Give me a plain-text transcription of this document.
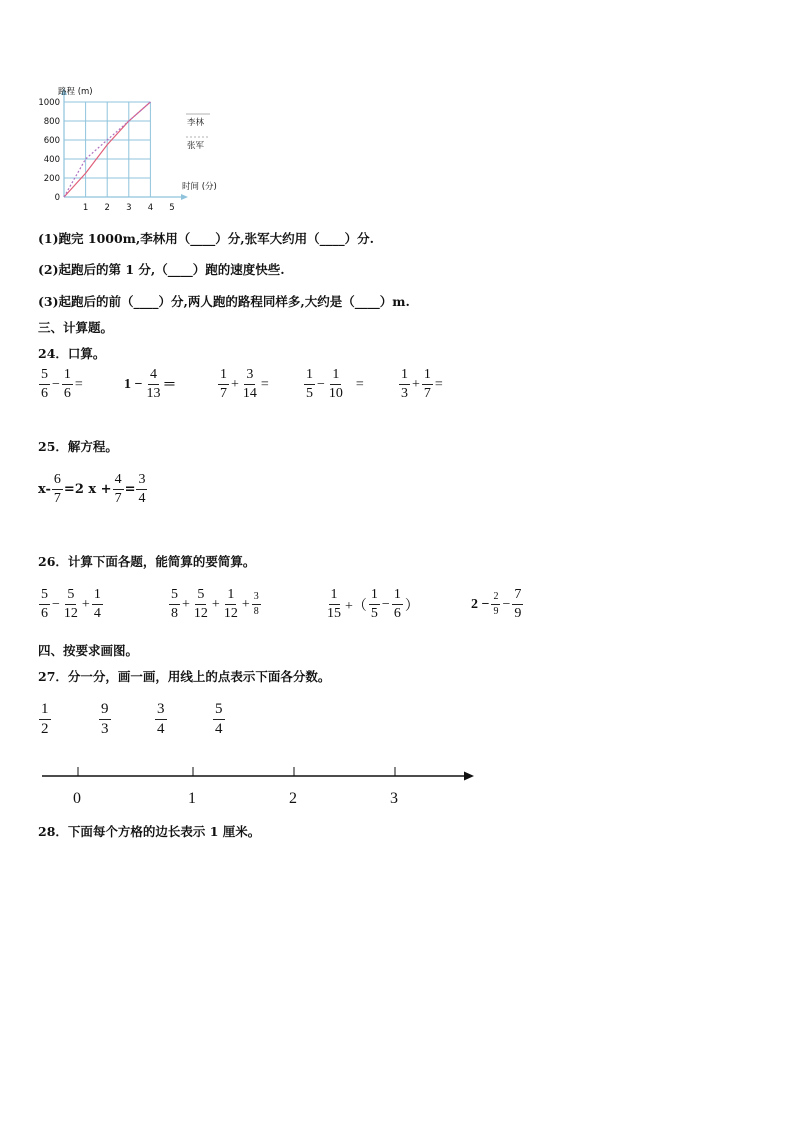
1 2 3 4 5
0
200
400
600
800
1000
路程 (m)
时间 (分)
李林
张军
(1)跑完 1000m,李林用（____）分,张军大约用（____）分.
(2)起跑后的第 1 分,（____）跑的速度快些.
(3)起跑后的前（____）分,两人跑的路程同样多,大约是（____）m.
三、计算题。
24．口算。
5
6
− $\frac{1}{6}$ =	$1 - \frac{4}{13}$ ═
1
7
+ $\frac{3}{14}$ =
1
5
− $\frac{1}{10}$ =
1
3
+ $\frac{1}{7}$ =
25．解方程。
$x- \frac{6}{7} =2$ $x + \frac{4}{7} = \frac{3}{4}$
26．计算下面各题，能简算的要简算。
5
6
− $\frac{5}{12} + \frac{1}{4}$	5
8
+ $\frac{5}{12} + \frac{1}{12} + \frac{3}{8}$	1
15 +（
1
5
− $\frac{1}{6}$ ）	$2 - \frac{2}{9} - \frac{7}{9}$
四、按要求画图。
27．分一分，画一画，用线上的点表示下面各分数。
1
2
9
3
3
4
5
4
0	1	2	3
28．下面每个方格的边长表示 1 厘米。
